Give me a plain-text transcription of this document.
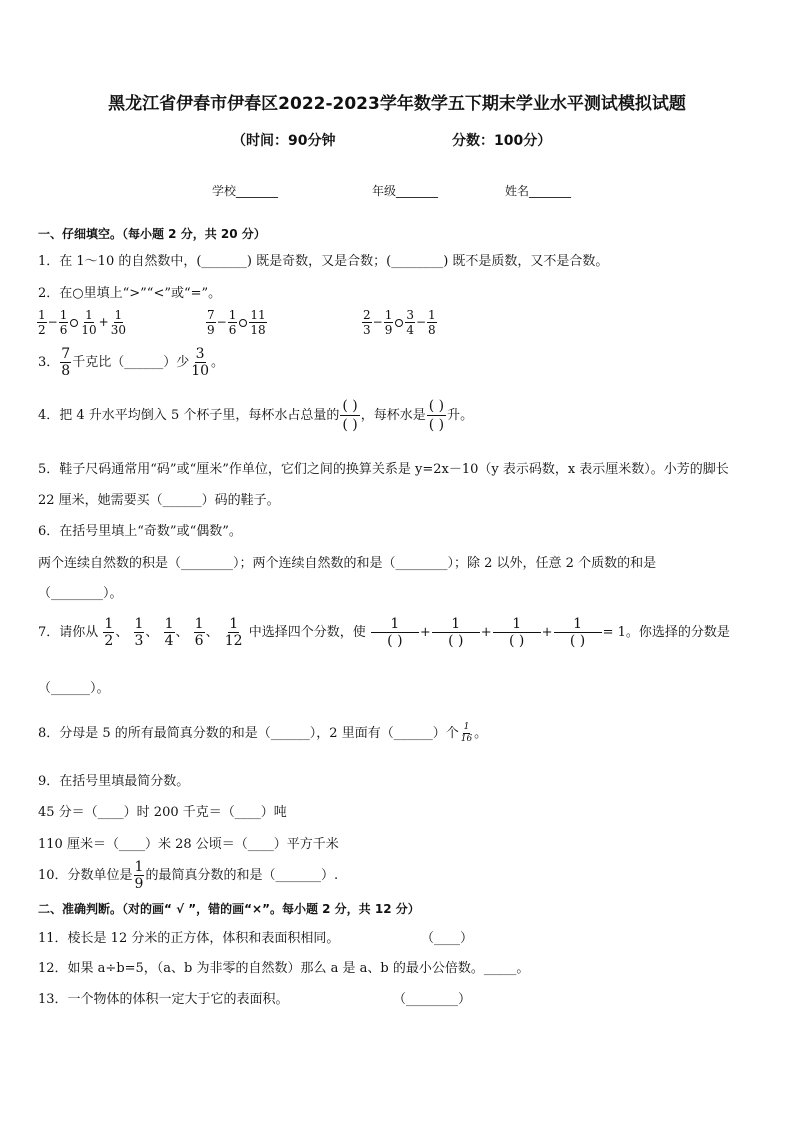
黑龙江省伊春市伊春区2022-2023学年数学五下期末学业水平测试模拟试题
（时间：90分钟	分数：100分）
学校_______	年级_______	姓名_______
一、仔细填空。（每小题 2 分，共 20 分）
1．在 1～10 的自然数中，(_______) 既是奇数，又是合数；(________) 既不是质数，又不是合数。
2．在○里填上“>”“<”或“=”。
$\frac{1}{2} - \frac{1}{6} \frac{1}{10} + \frac{1}{30}$	$\frac{7}{9} - \frac{1}{6} \frac{11}{18}$	$\frac{2}{3} - \frac{1}{9} \frac{3}{4} - \frac{1}{8}$
3． $\frac{7}{8}$ 千克比（______）少 $\frac{3}{10}$ 。
4．把 4 升水平均倒入 5 个杯子里，每杯水占总量的 $\frac{( )}{( )}$ ，每杯水是 $\frac{( )}{( )}$ 升。
5．鞋子尺码通常用“码”或“厘米”作单位，它们之间的换算关系是 y=2x－10（y 表示码数，x 表示厘米数）。小芳的脚长
22 厘米，她需要买（______）码的鞋子。
6．在括号里填上“奇数”或“偶数”。
两个连续自然数的积是（________）；两个连续自然数的和是（________）；除 2 以外，任意 2 个质数的和是
（________）。
7．请你从 $\frac{1}{2}$ 、 $\frac{1}{3}$ 、 $\frac{1}{4}$ 、 $\frac{1}{6}$ 、 $\frac{1}{12}$ 中选择四个分数，使 $\frac{1}{( )} + \frac{1}{( )} + \frac{1}{( )} + \frac{1}{( )} = 1$。你选择的分数是
（______）。
8．分母是 5 的所有最简真分数的和是（______），2 里面有（______）个 $\frac{1}{16}$ 。
9．在括号里填最简分数。
45 分＝（____）时 200 千克＝（____）吨
110 厘米＝（____）米 28 公顷＝（____）平方千米
10．分数单位是 $\frac{1}{9}$ 的最简真分数的和是（_______）.
二、准确判断。（对的画“ √ ”，错的画“×”。每小题 2 分，共 12 分）
11．棱长是 12 分米的正方体，体积和表面积相同。	（____）
12．如果 a÷b=5，（a、b 为非零的自然数）那么 a 是 a、b 的最小公倍数。_____。
13．一个物体的体积一定大于它的表面积。	（________）
